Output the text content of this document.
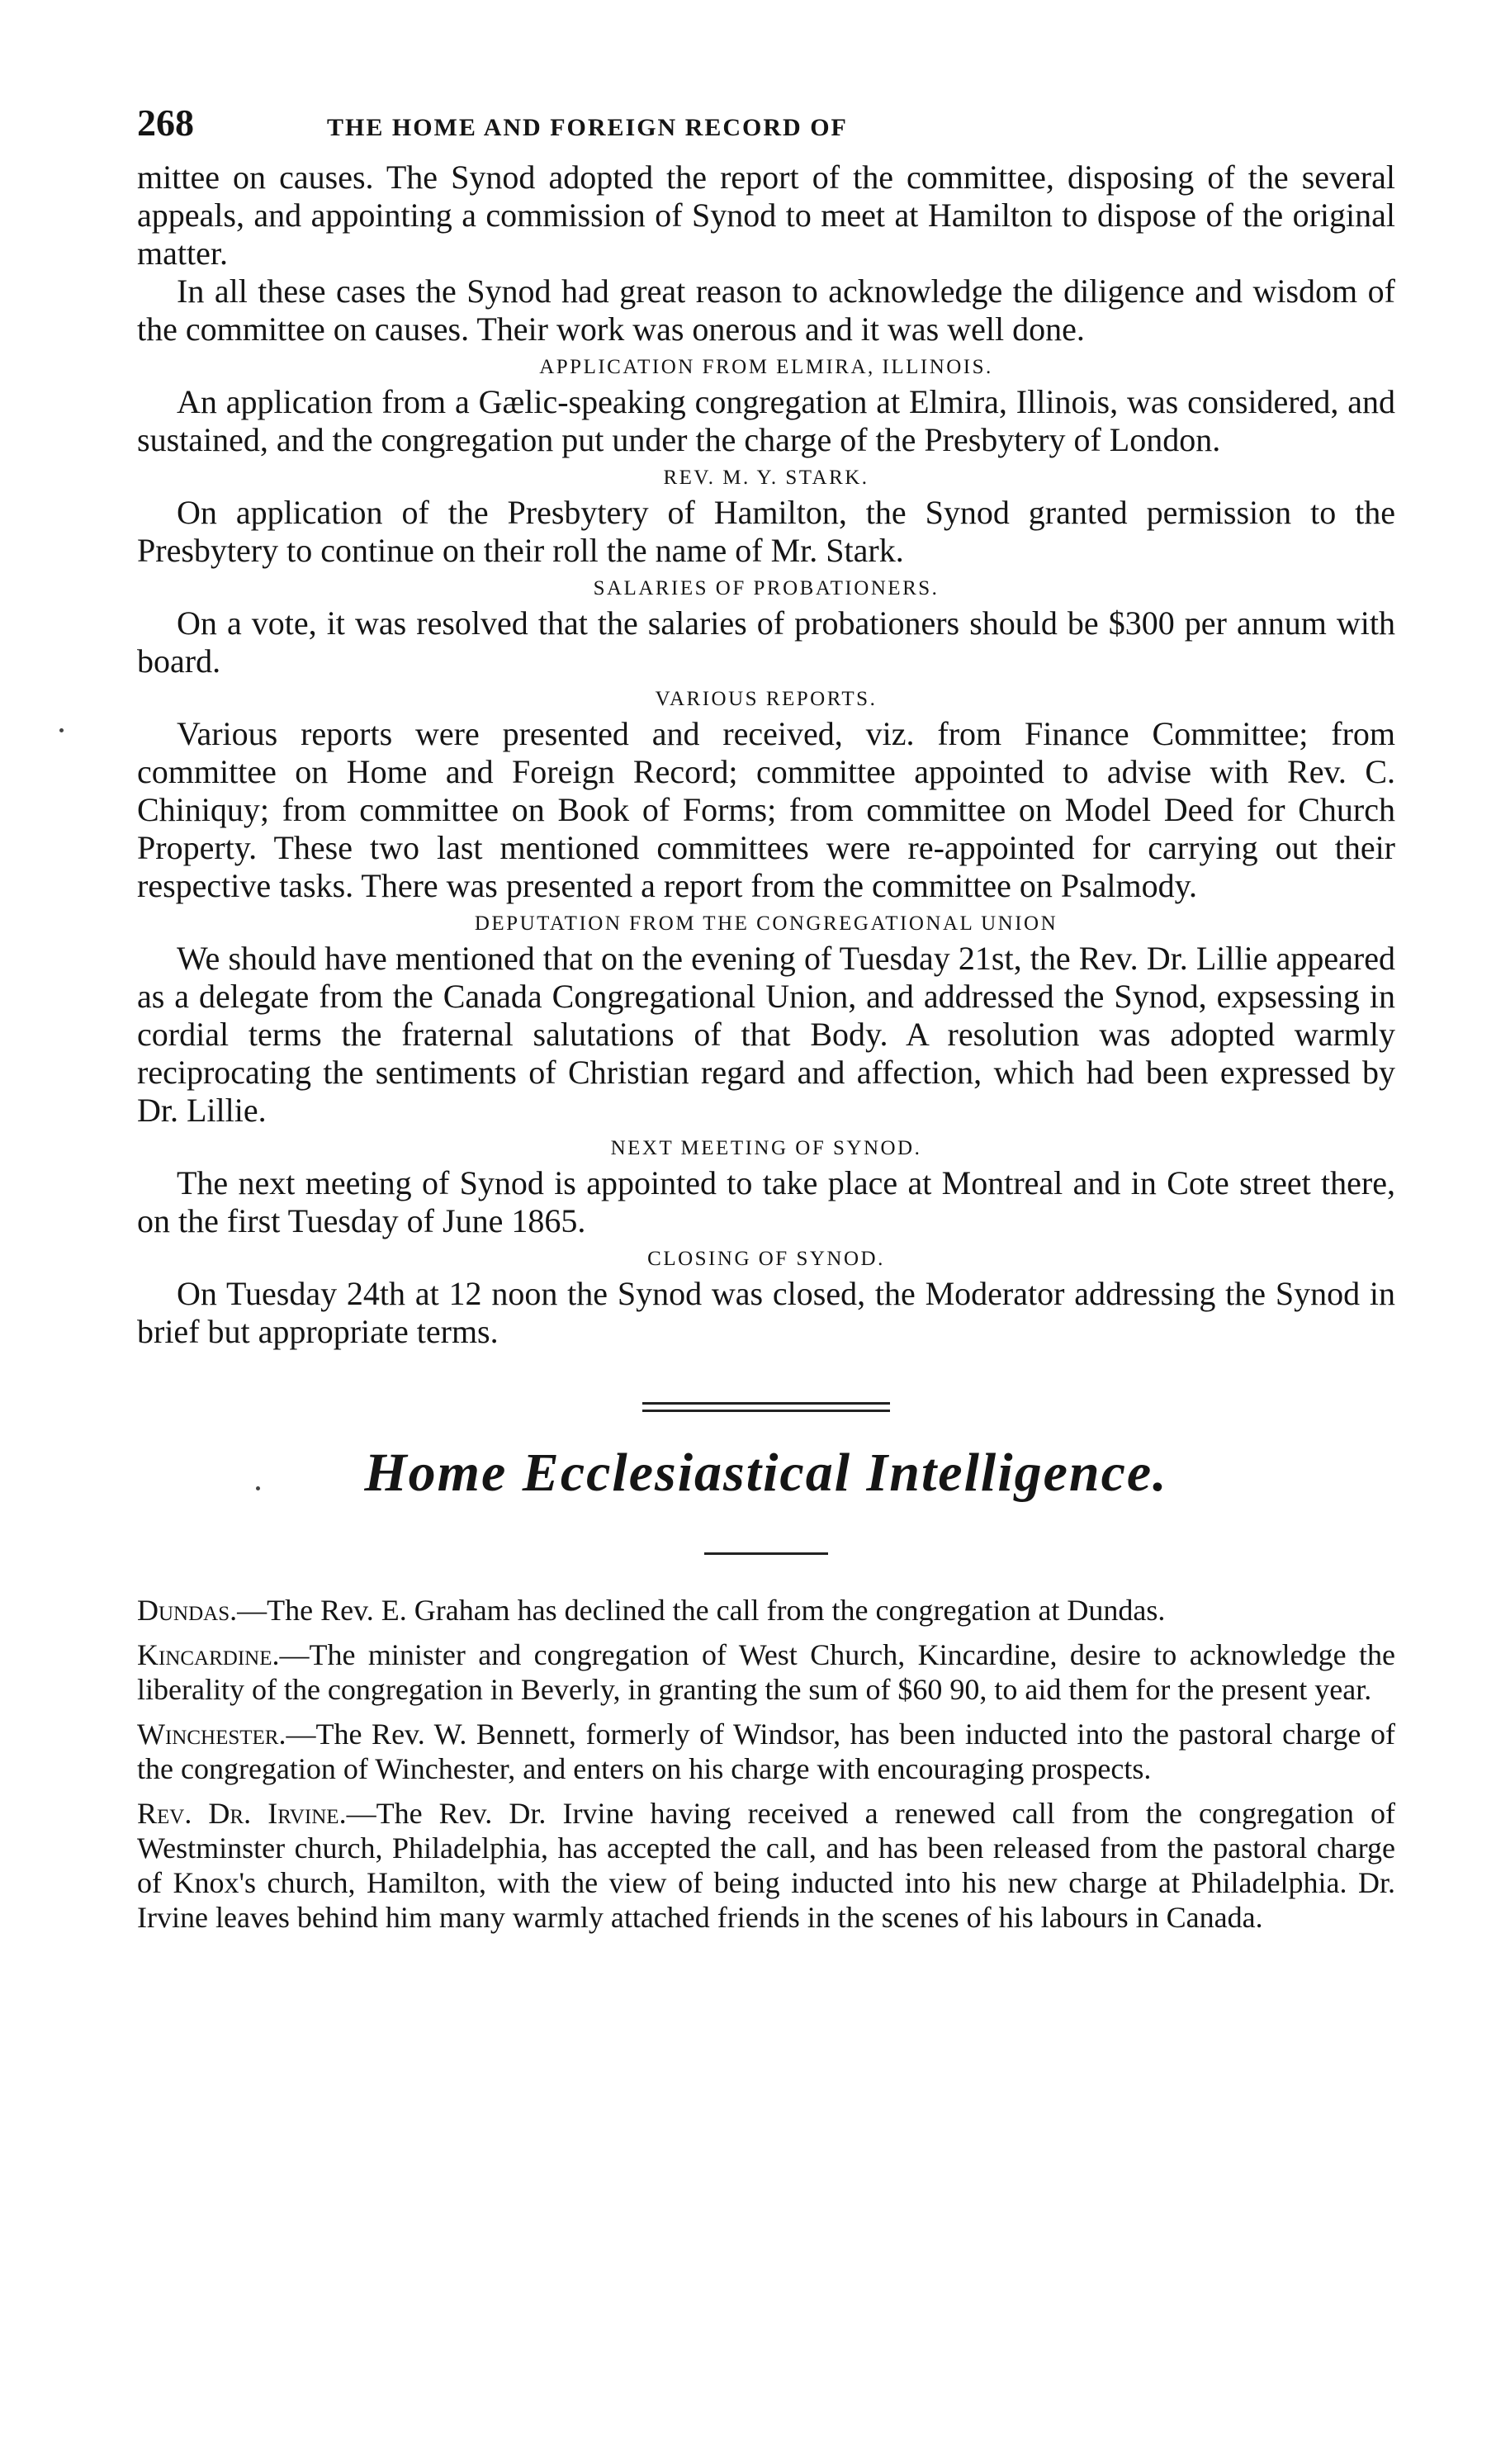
268	THE HOME AND FOREIGN RECORD OF

mittee on causes. The Synod adopted the report of the committee, disposing of the several appeals, and appointing a commission of Synod to meet at Hamilton to dispose of the original matter.

In all these cases the Synod had great reason to acknowledge the diligence and wisdom of the committee on causes. Their work was onerous and it was well done.

APPLICATION FROM ELMIRA, ILLINOIS.

An application from a Gælic-speaking congregation at Elmira, Illinois, was considered, and sustained, and the congregation put under the charge of the Presbytery of London.

REV. M. Y. STARK.

On application of the Presbytery of Hamilton, the Synod granted permission to the Presbytery to continue on their roll the name of Mr. Stark.

SALARIES OF PROBATIONERS.

On a vote, it was resolved that the salaries of probationers should be $300 per annum with board.

VARIOUS REPORTS.

Various reports were presented and received, viz. from Finance Committee; from committee on Home and Foreign Record; committee appointed to advise with Rev. C. Chiniquy; from committee on Book of Forms; from committee on Model Deed for Church Property. These two last mentioned committees were re-appointed for carrying out their respective tasks. There was presented a report from the committee on Psalmody.

DEPUTATION FROM THE CONGREGATIONAL UNION

We should have mentioned that on the evening of Tuesday 21st, the Rev. Dr. Lillie appeared as a delegate from the Canada Congregational Union, and addressed the Synod, expsessing in cordial terms the fraternal salutations of that Body. A resolution was adopted warmly reciprocating the sentiments of Christian regard and affection, which had been expressed by Dr. Lillie.

NEXT MEETING OF SYNOD.

The next meeting of Synod is appointed to take place at Montreal and in Cote street there, on the first Tuesday of June 1865.

CLOSING OF SYNOD.

On Tuesday 24th at 12 noon the Synod was closed, the Moderator addressing the Synod in brief but appropriate terms.

Home Ecclesiastical Intelligence.

Dundas.—The Rev. E. Graham has declined the call from the congregation at Dundas.

Kincardine.—The minister and congregation of West Church, Kincardine, desire to acknowledge the liberality of the congregation in Beverly, in granting the sum of $60 90, to aid them for the present year.

Winchester.—The Rev. W. Bennett, formerly of Windsor, has been inducted into the pastoral charge of the congregation of Winchester, and enters on his charge with encouraging prospects.

Rev. Dr. Irvine.—The Rev. Dr. Irvine having received a renewed call from the congregation of Westminster church, Philadelphia, has accepted the call, and has been released from the pastoral charge of Knox's church, Hamilton, with the view of being inducted into his new charge at Philadelphia. Dr. Irvine leaves behind him many warmly attached friends in the scenes of his labours in Canada.
